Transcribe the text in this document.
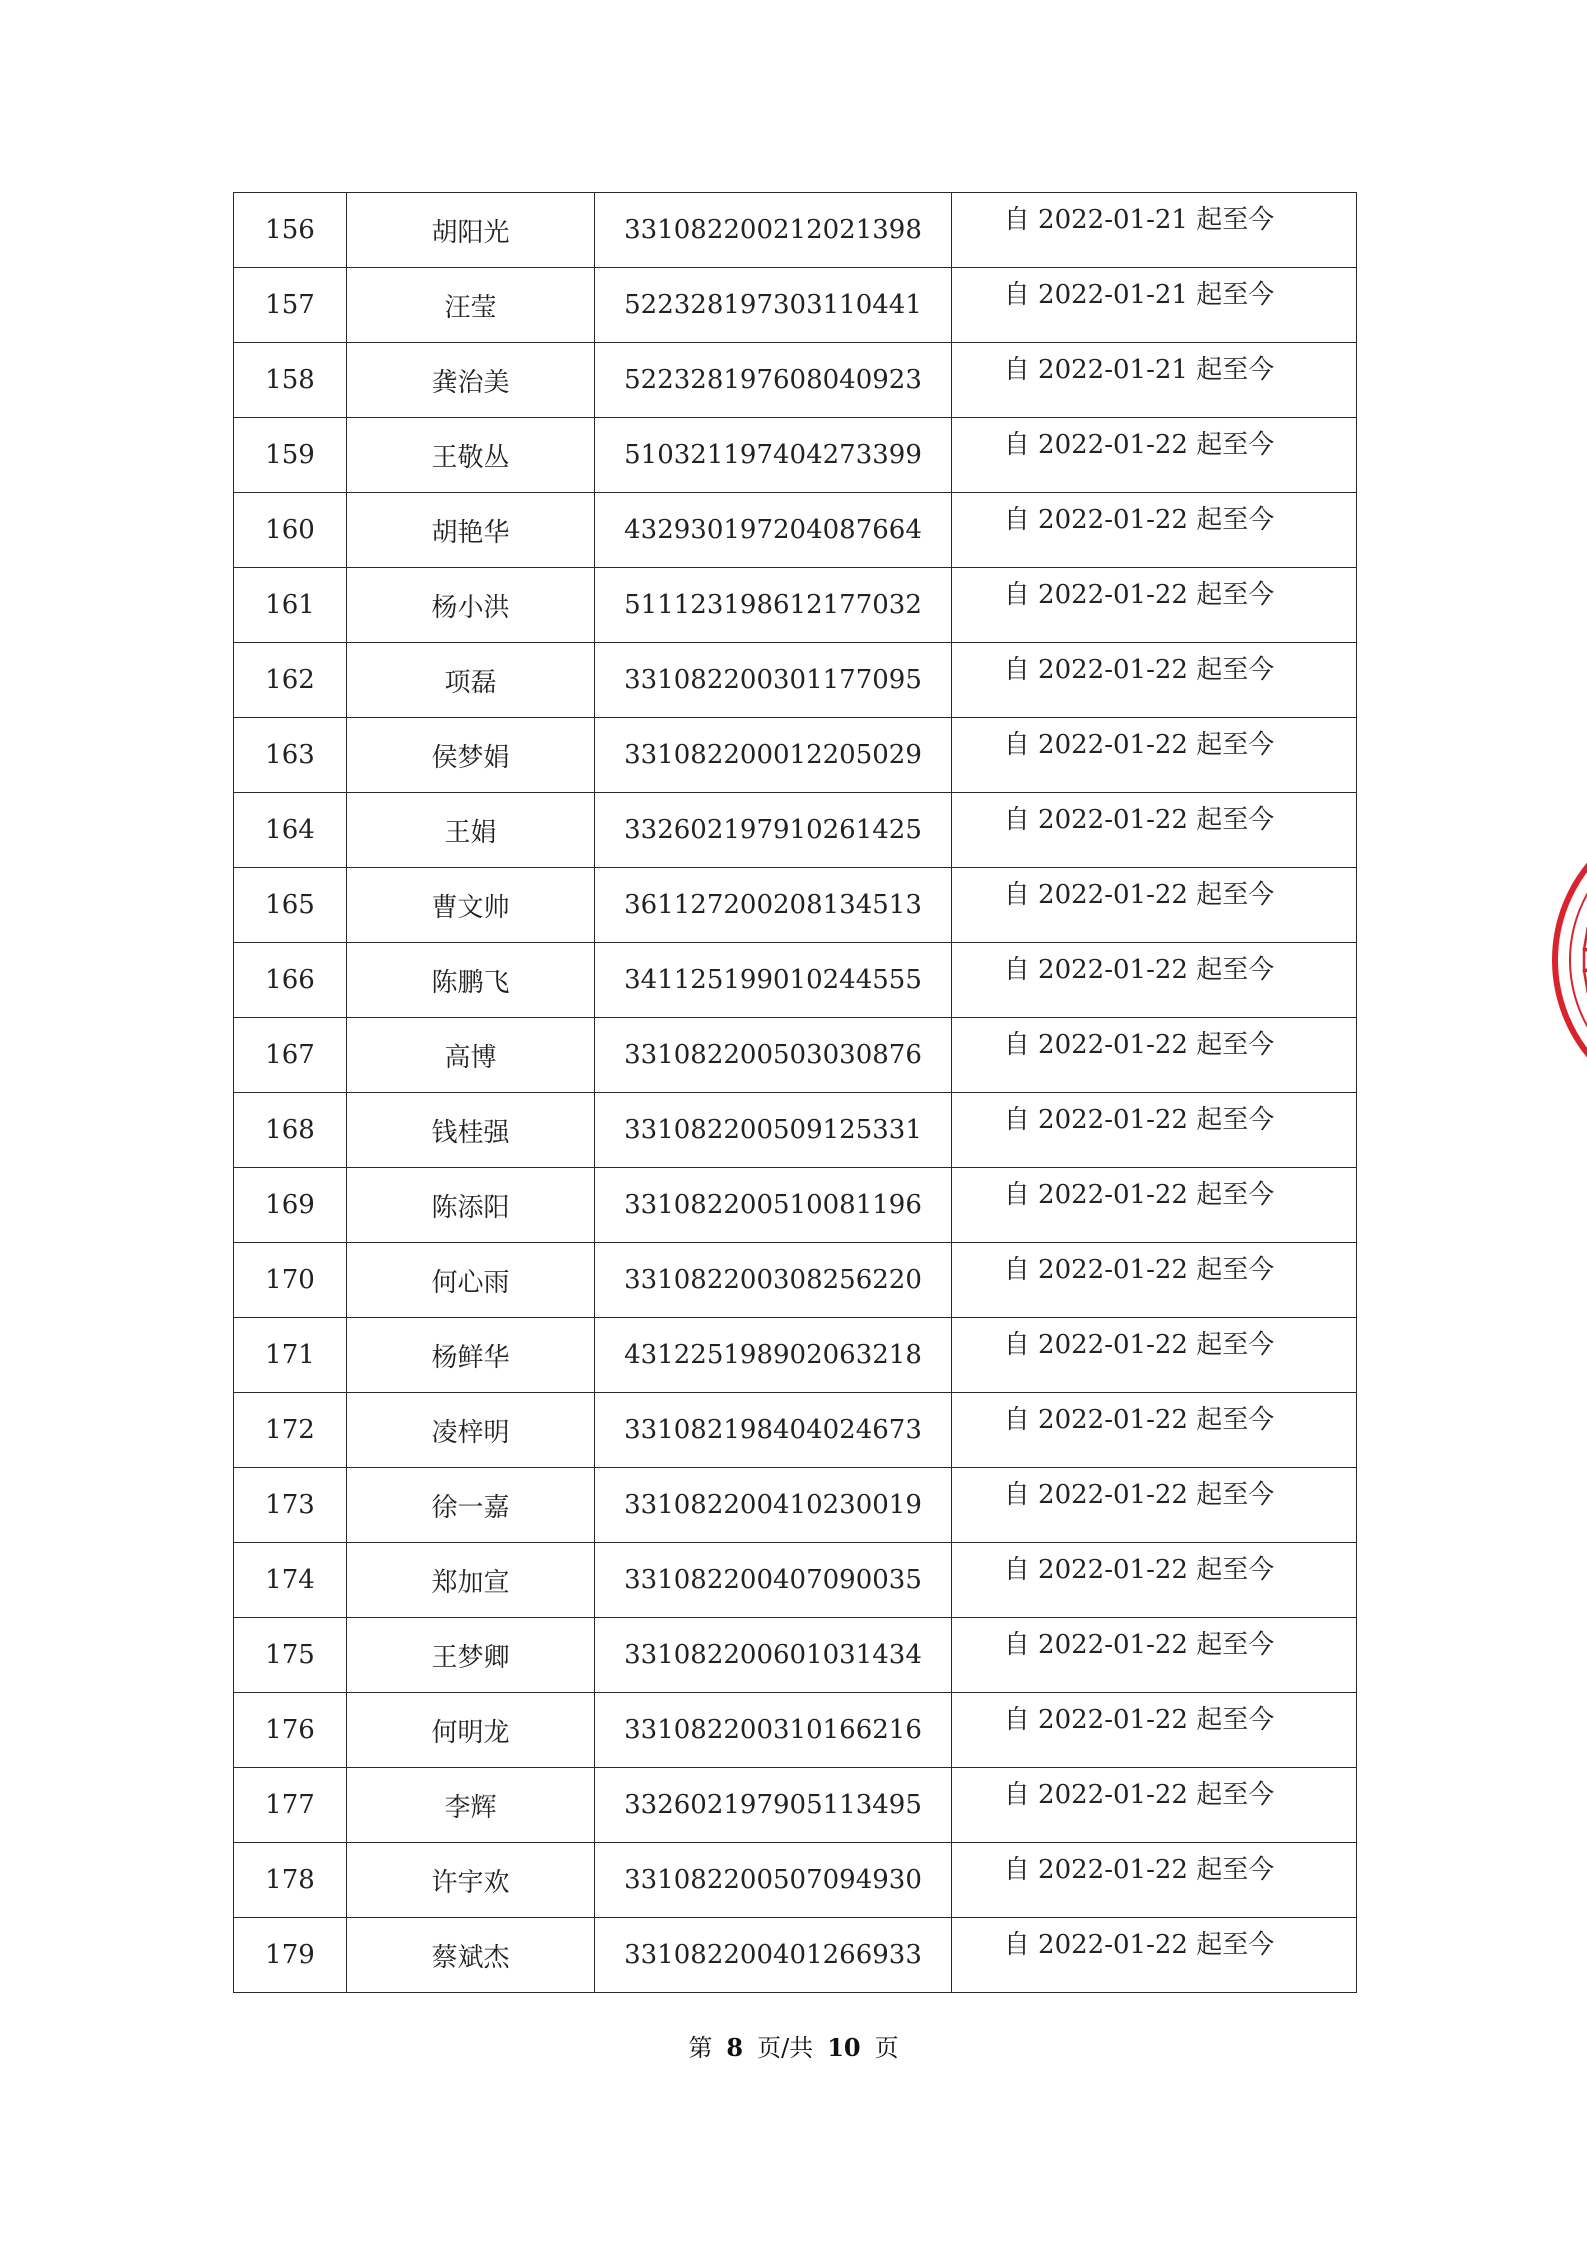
156	胡阳光	331082200212021398	自 2022-01-21 起至今
157	汪莹	522328197303110441	自 2022-01-21 起至今
158	龚治美	522328197608040923	自 2022-01-21 起至今
159	王敬丛	510321197404273399	自 2022-01-22 起至今
160	胡艳华	432930197204087664	自 2022-01-22 起至今
161	杨小洪	511123198612177032	自 2022-01-22 起至今
162	项磊	331082200301177095	自 2022-01-22 起至今
163	侯梦娟	331082200012205029	自 2022-01-22 起至今
164	王娟	332602197910261425	自 2022-01-22 起至今
165	曹文帅	361127200208134513	自 2022-01-22 起至今
166	陈鹏飞	341125199010244555	自 2022-01-22 起至今
167	高博	331082200503030876	自 2022-01-22 起至今
168	钱桂强	331082200509125331	自 2022-01-22 起至今
169	陈添阳	331082200510081196	自 2022-01-22 起至今
170	何心雨	331082200308256220	自 2022-01-22 起至今
171	杨鲜华	431225198902063218	自 2022-01-22 起至今
172	凌梓明	331082198404024673	自 2022-01-22 起至今
173	徐一嘉	331082200410230019	自 2022-01-22 起至今
174	郑加宣	331082200407090035	自 2022-01-22 起至今
175	王梦卿	331082200601031434	自 2022-01-22 起至今
176	何明龙	331082200310166216	自 2022-01-22 起至今
177	李辉	332602197905113495	自 2022-01-22 起至今
178	许宇欢	331082200507094930	自 2022-01-22 起至今
179	蔡斌杰	331082200401266933	自 2022-01-22 起至今
第 8 页/共 10 页
